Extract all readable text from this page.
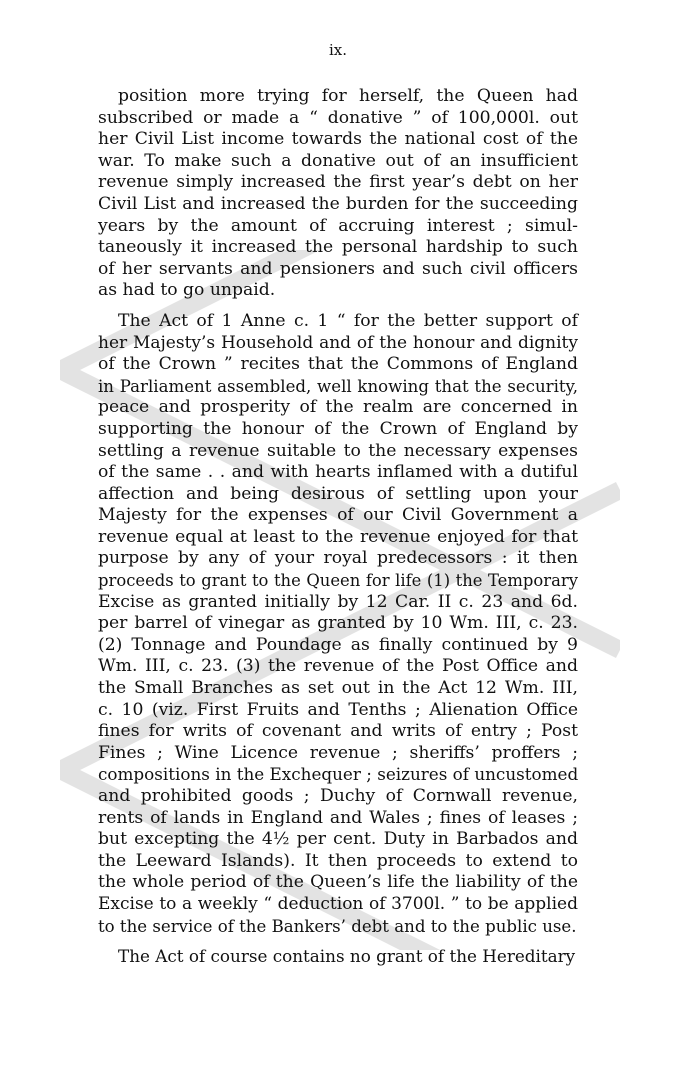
ix.
position more trying for herself, the Queen had
subscribed or made a “ donative ” of 100,000l. out
her Civil List income towards the national cost of the
war. To make such a donative out of an insufficient
revenue simply increased the first year’s debt on her
Civil List and increased the burden for the succeeding
years by the amount of accruing interest ; simul-
taneously it increased the personal hardship to such
of her servants and pensioners and such civil officers
as had to go unpaid.
The Act of 1 Anne c. 1 “ for the better support of
her Majesty’s Household and of the honour and dignity
of the Crown ” recites that the Commons of England
in Parliament assembled, well knowing that the security,
peace and prosperity of the realm are concerned in
supporting the honour of the Crown of England by
settling a revenue suitable to the necessary expenses
of the same . . and with hearts inflamed with a dutiful
affection and being desirous of settling upon your
Majesty for the expenses of our Civil Government a
revenue equal at least to the revenue enjoyed for that
purpose by any of your royal predecessors : it then
proceeds to grant to the Queen for life (1) the Temporary
Excise as granted initially by 12 Car. II c. 23 and 6d.
per barrel of vinegar as granted by 10 Wm. III, c. 23.
(2) Tonnage and Poundage as finally continued by 9
Wm. III, c. 23. (3) the revenue of the Post Office and
the Small Branches as set out in the Act 12 Wm. III,
c. 10 (viz. First Fruits and Tenths ; Alienation Office
fines for writs of covenant and writs of entry ; Post
Fines ; Wine Licence revenue ; sheriffs’ proffers ;
compositions in the Exchequer ; seizures of uncustomed
and prohibited goods ; Duchy of Cornwall revenue,
rents of lands in England and Wales ; fines of leases ;
but excepting the 4½ per cent. Duty in Barbados and
the Leeward Islands). It then proceeds to extend to
the whole period of the Queen’s life the liability of the
Excise to a weekly “ deduction of 3700l. ” to be applied
to the service of the Bankers’ debt and to the public use.
The Act of course contains no grant of the Hereditary
